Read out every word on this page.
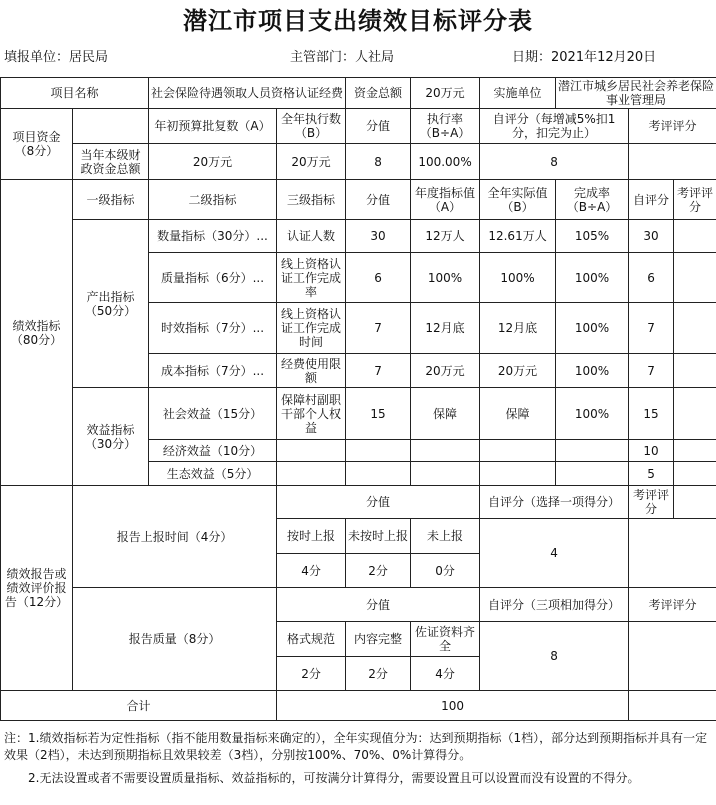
潜江市项目支出绩效目标评分表
填报单位：居民局	主管部门：人社局	日期：2021年12月20日
项目名称		社会保险待遇领取人员资格认证经费		资金总额	20万元	实施单位	潜江市城乡居民社会养老保险事业管理局		
项目资金（8分）		年初预算批复数（A）	全年执行数（B）	分值	执行率（B÷A）	自评分（每增减5%扣1分，扣完为止）		考评评分	
	当年本级财政资金总额	20万元	20万元	8	100.00%	8			
绩效指标（80分）	一级指标	二级指标	三级指标	分值	年度指标值（A）	全年实际值（B）	完成率（B÷A）	自评分	考评评分
	产出指标（50分）	数量指标（30分）...	认证人数	30	12万人	12.61万人	105%	30	
		质量指标（6分）...	线上资格认证工作完成率	6	100%	100%	100%	6	
		时效指标（7分）...	线上资格认证工作完成时间	7	12月底	12月底	100%	7	
		成本指标（7分）...	经费使用限额	7	20万元	20万元	100%	7	
	效益指标（30分）	社会效益（15分）	保障村副职干部个人权益	15	保障	保障	100%	15	
		经济效益（10分）						10	
		生态效益（5分）						5	
绩效报告或绩效评价报告（12分）	报告上报时间（4分）		分值			自评分（选择一项得分）		考评评分	
			按时上报	未按时上报	未上报	4			
			4分	2分	0分				
	报告质量（8分）		分值			自评分（三项相加得分）		考评评分	
			格式规范	内容完整	佐证资料齐全	8			
			2分	2分	4分				
合计			100						
注：1.绩效指标若为定性指标（指不能用数量指标来确定的），全年实现值分为：达到预期指标（1档），部分达到预期指标并具有一定效果（2档），未达到预期指标且效果较差（3档），分别按100%、70%、0%计算得分。
2.无法设置或者不需要设置质量指标、效益指标的，可按满分计算得分，需要设置且可以设置而没有设置的不得分。
